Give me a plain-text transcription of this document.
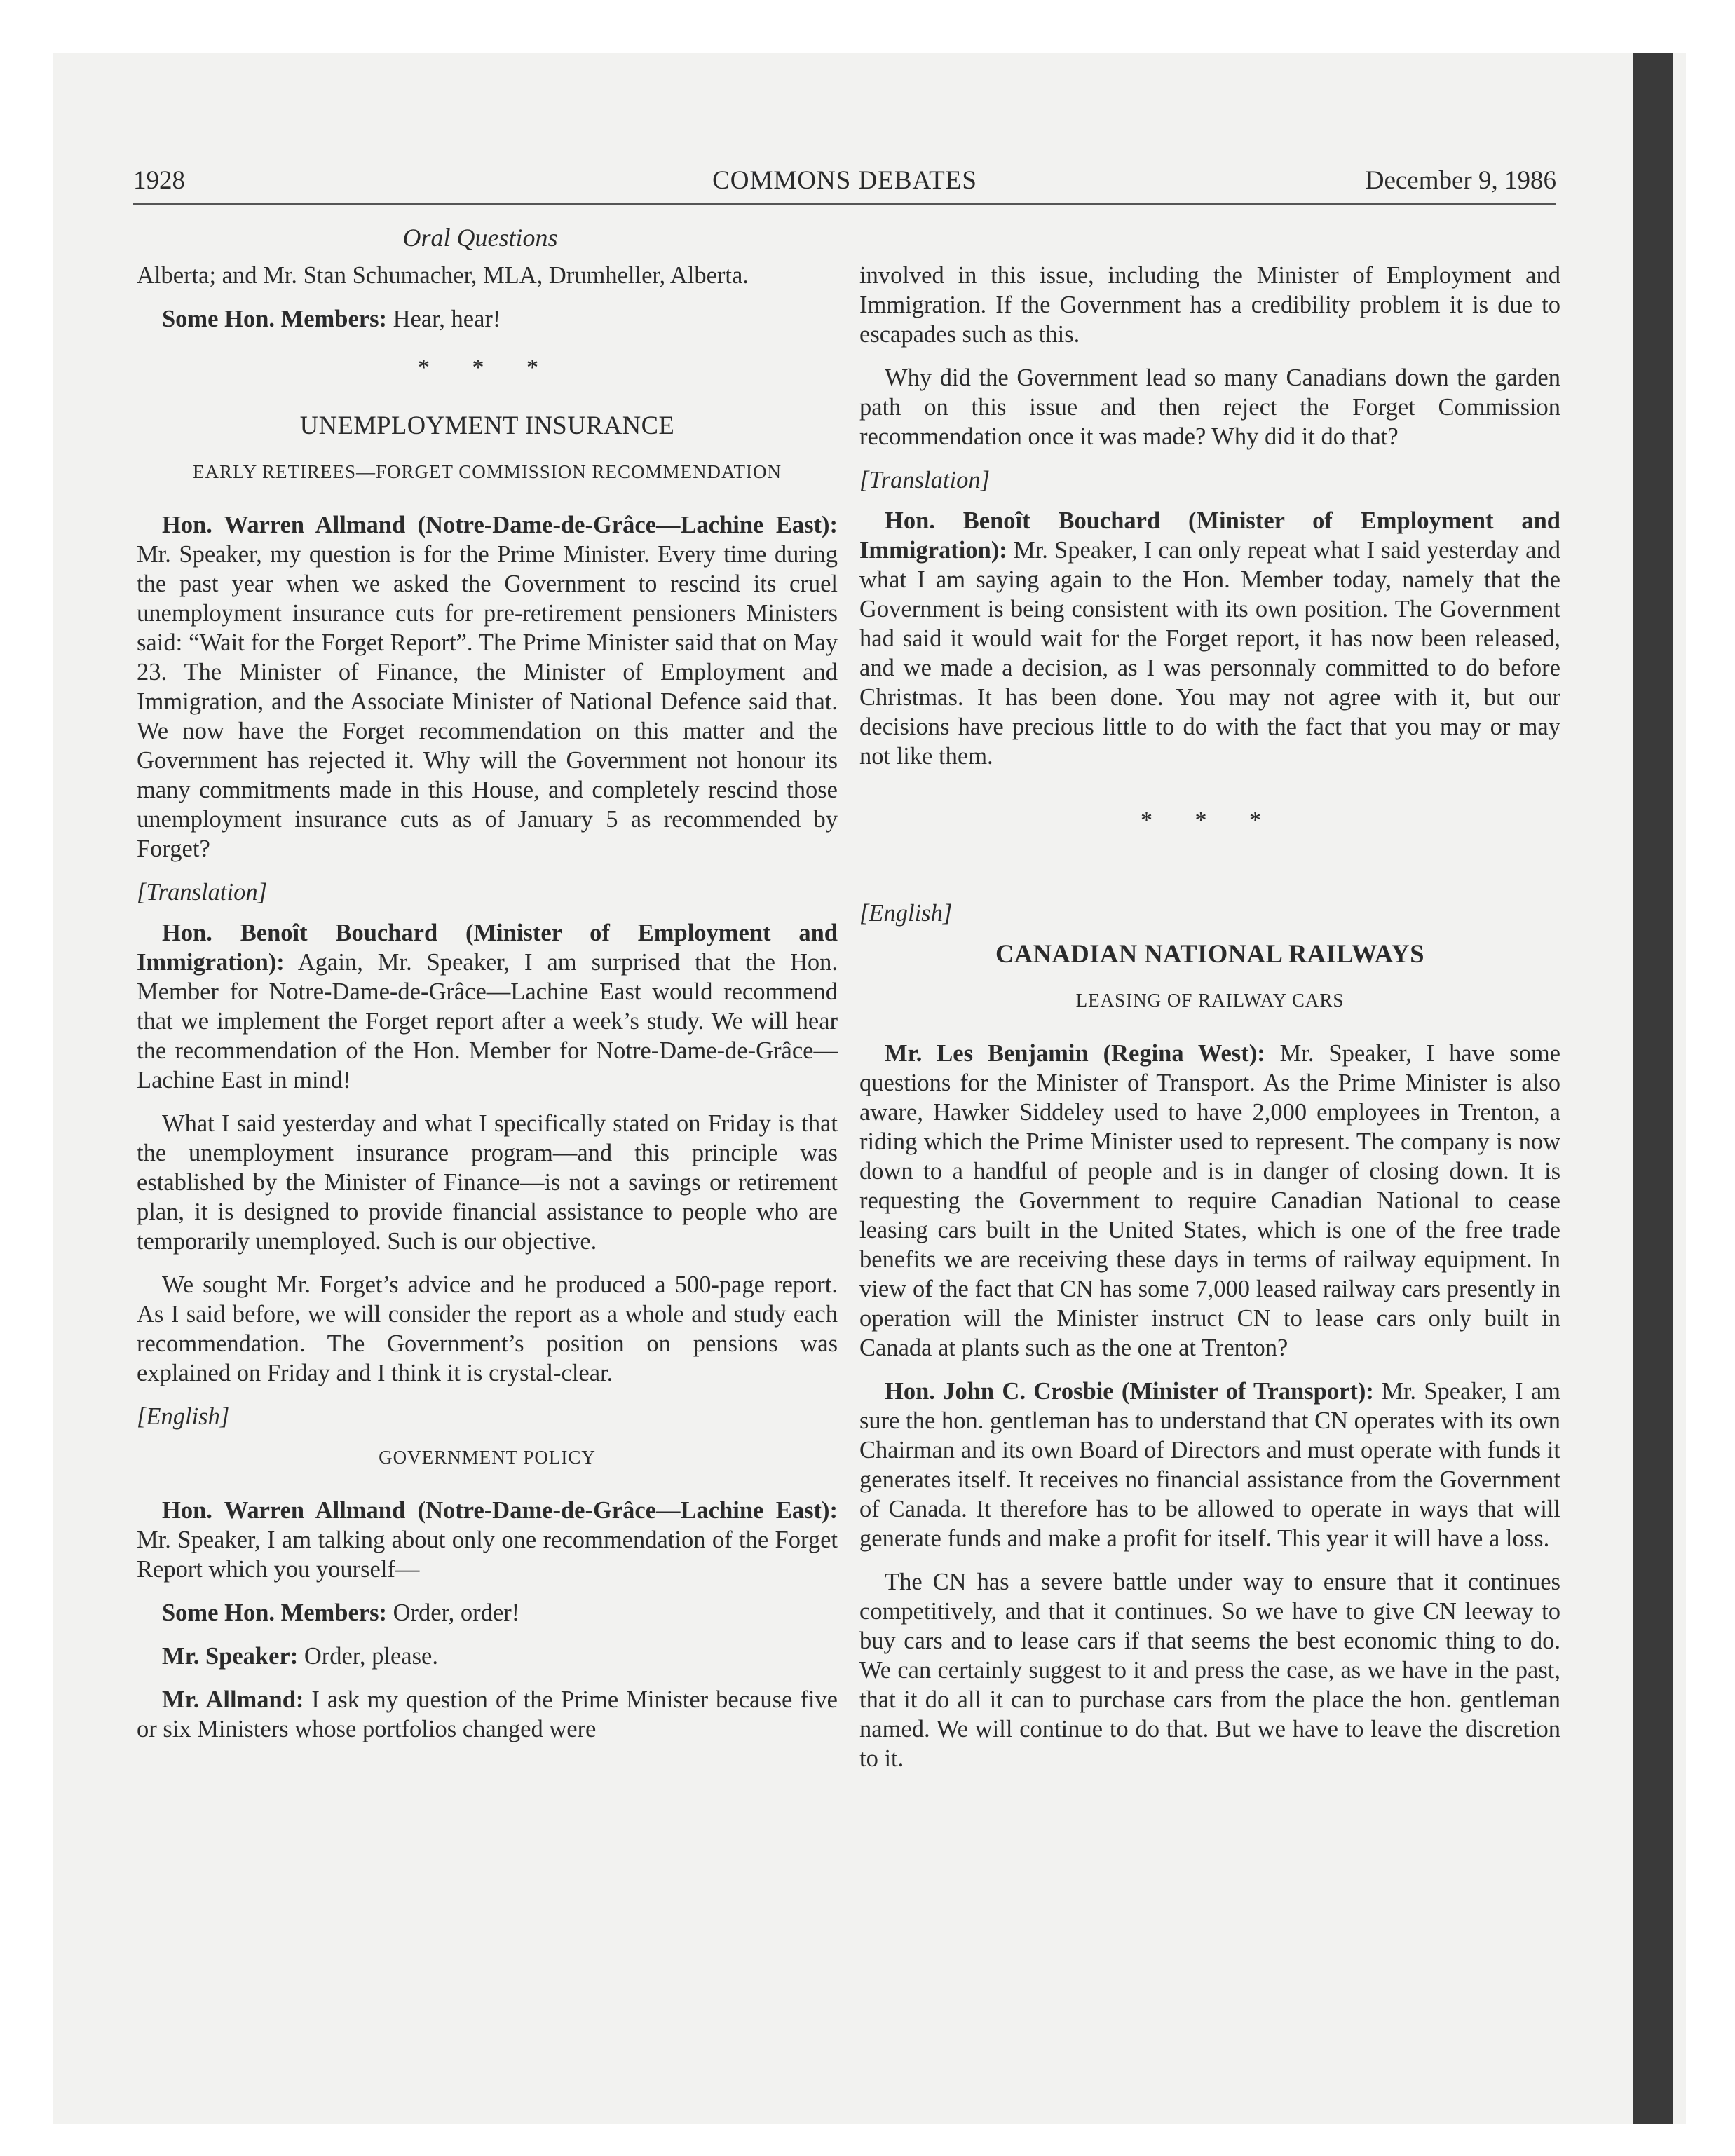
1928	COMMONS DEBATES	December 9, 1986
Oral Questions

Alberta; and Mr. Stan Schumacher, MLA, Drumheller, Alberta.

Some Hon. Members: Hear, hear!

* * *
UNEMPLOYMENT INSURANCE
EARLY RETIREES—FORGET COMMISSION RECOMMENDATION

Hon. Warren Allmand (Notre-Dame-de-Grâce—Lachine East): Mr. Speaker, my question is for the Prime Minister. Every time during the past year when we asked the Government to rescind its cruel unemployment insurance cuts for pre-retirement pensioners Ministers said: “Wait for the Forget Report”. The Prime Minister said that on May 23. The Minister of Finance, the Minister of Employment and Immigration, and the Associate Minister of National Defence said that. We now have the Forget recommendation on this matter and the Government has rejected it. Why will the Government not honour its many commitments made in this House, and completely rescind those unemployment insurance cuts as of January 5 as recommended by Forget?

[Translation]

Hon. Benoît Bouchard (Minister of Employment and Immigration): Again, Mr. Speaker, I am surprised that the Hon. Member for Notre-Dame-de-Grâce—Lachine East would recommend that we implement the Forget report after a week’s study. We will hear the recommendation of the Hon. Member for Notre-Dame-de-Grâce—Lachine East in mind!

What I said yesterday and what I specifically stated on Friday is that the unemployment insurance program—and this principle was established by the Minister of Finance—is not a savings or retirement plan, it is designed to provide financial assistance to people who are temporarily unemployed. Such is our objective.

We sought Mr. Forget’s advice and he produced a 500-page report. As I said before, we will consider the report as a whole and study each recommendation. The Government’s position on pensions was explained on Friday and I think it is crystal-clear.

[English]
GOVERNMENT POLICY

Hon. Warren Allmand (Notre-Dame-de-Grâce—Lachine East): Mr. Speaker, I am talking about only one recommendation of the Forget Report which you yourself—

Some Hon. Members: Order, order!

Mr. Speaker: Order, please.

Mr. Allmand: I ask my question of the Prime Minister because five or six Ministers whose portfolios changed were

involved in this issue, including the Minister of Employment and Immigration. If the Government has a credibility problem it is due to escapades such as this.

Why did the Government lead so many Canadians down the garden path on this issue and then reject the Forget Commission recommendation once it was made? Why did it do that?

[Translation]

Hon. Benoît Bouchard (Minister of Employment and Immigration): Mr. Speaker, I can only repeat what I said yesterday and what I am saying again to the Hon. Member today, namely that the Government is being consistent with its own position. The Government had said it would wait for the Forget report, it has now been released, and we made a decision, as I was personnaly committed to do before Christmas. It has been done. You may not agree with it, but our decisions have precious little to do with the fact that you may or may not like them.

* * *
[English]
CANADIAN NATIONAL RAILWAYS
LEASING OF RAILWAY CARS

Mr. Les Benjamin (Regina West): Mr. Speaker, I have some questions for the Minister of Transport. As the Prime Minister is also aware, Hawker Siddeley used to have 2,000 employees in Trenton, a riding which the Prime Minister used to represent. The company is now down to a handful of people and is in danger of closing down. It is requesting the Government to require Canadian National to cease leasing cars built in the United States, which is one of the free trade benefits we are receiving these days in terms of railway equipment. In view of the fact that CN has some 7,000 leased railway cars presently in operation will the Minister instruct CN to lease cars only built in Canada at plants such as the one at Trenton?

Hon. John C. Crosbie (Minister of Transport): Mr. Speaker, I am sure the hon. gentleman has to understand that CN operates with its own Chairman and its own Board of Directors and must operate with funds it generates itself. It receives no financial assistance from the Government of Canada. It therefore has to be allowed to operate in ways that will generate funds and make a profit for itself. This year it will have a loss.

The CN has a severe battle under way to ensure that it continues competitively, and that it continues. So we have to give CN leeway to buy cars and to lease cars if that seems the best economic thing to do. We can certainly suggest to it and press the case, as we have in the past, that it do all it can to purchase cars from the place the hon. gentleman named. We will continue to do that. But we have to leave the discretion to it.
